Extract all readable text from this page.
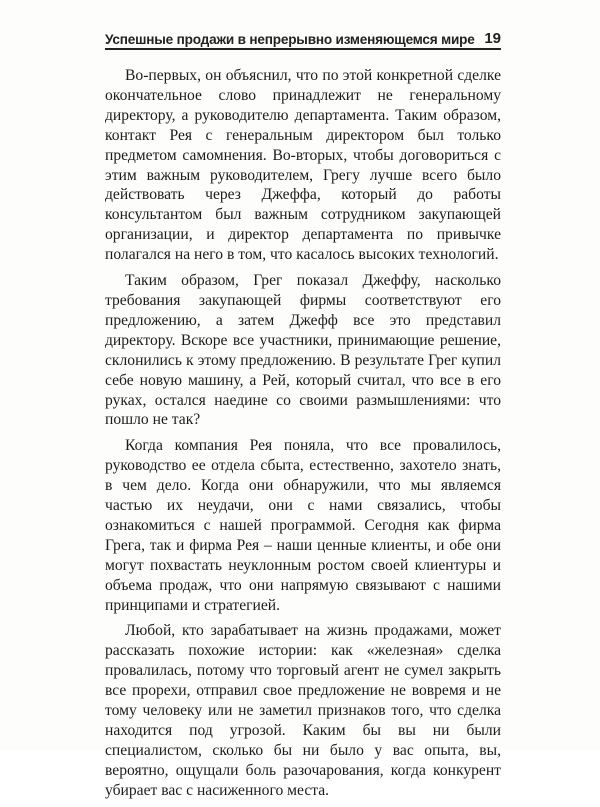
Успешные продажи в непрерывно изменяющемся мире 19

Во-первых, он объяснил, что по этой конкретной сделке окончательное слово принадлежит не генеральному директору, а руководителю департамента. Таким образом, контакт Рея с генеральным директором был только предметом самомнения. Во-вторых, чтобы договориться с этим важным руководителем, Грегу лучше всего было действовать через Джеффа, который до работы консультантом был важным сотрудником закупающей организации, и директор департамента по привычке полагался на него в том, что касалось высоких технологий.

Таким образом, Грег показал Джеффу, насколько требования закупающей фирмы соответствуют его предложению, а затем Джефф все это представил директору. Вскоре все участники, принимающие решение, склонились к этому предложению. В результате Грег купил себе новую машину, а Рей, который считал, что все в его руках, остался наедине со своими размышлениями: что пошло не так?

Когда компания Рея поняла, что все провалилось, руководство ее отдела сбыта, естественно, захотело знать, в чем дело. Когда они обнаружили, что мы являемся частью их неудачи, они с нами связались, чтобы ознакомиться с нашей программой. Сегодня как фирма Грега, так и фирма Рея – наши ценные клиенты, и обе они могут похвастать неуклонным ростом своей клиентуры и объема продаж, что они напрямую связывают с нашими принципами и стратегией.

Любой, кто зарабатывает на жизнь продажами, может рассказать похожие истории: как «железная» сделка провалилась, потому что торговый агент не сумел закрыть все прорехи, отправил свое предложение не вовремя и не тому человеку или не заметил признаков того, что сделка находится под угрозой. Каким бы вы ни были специалистом, сколько бы ни было у вас опыта, вы, вероятно, ощущали боль разочарования, когда конкурент убирает вас с насиженного места.
